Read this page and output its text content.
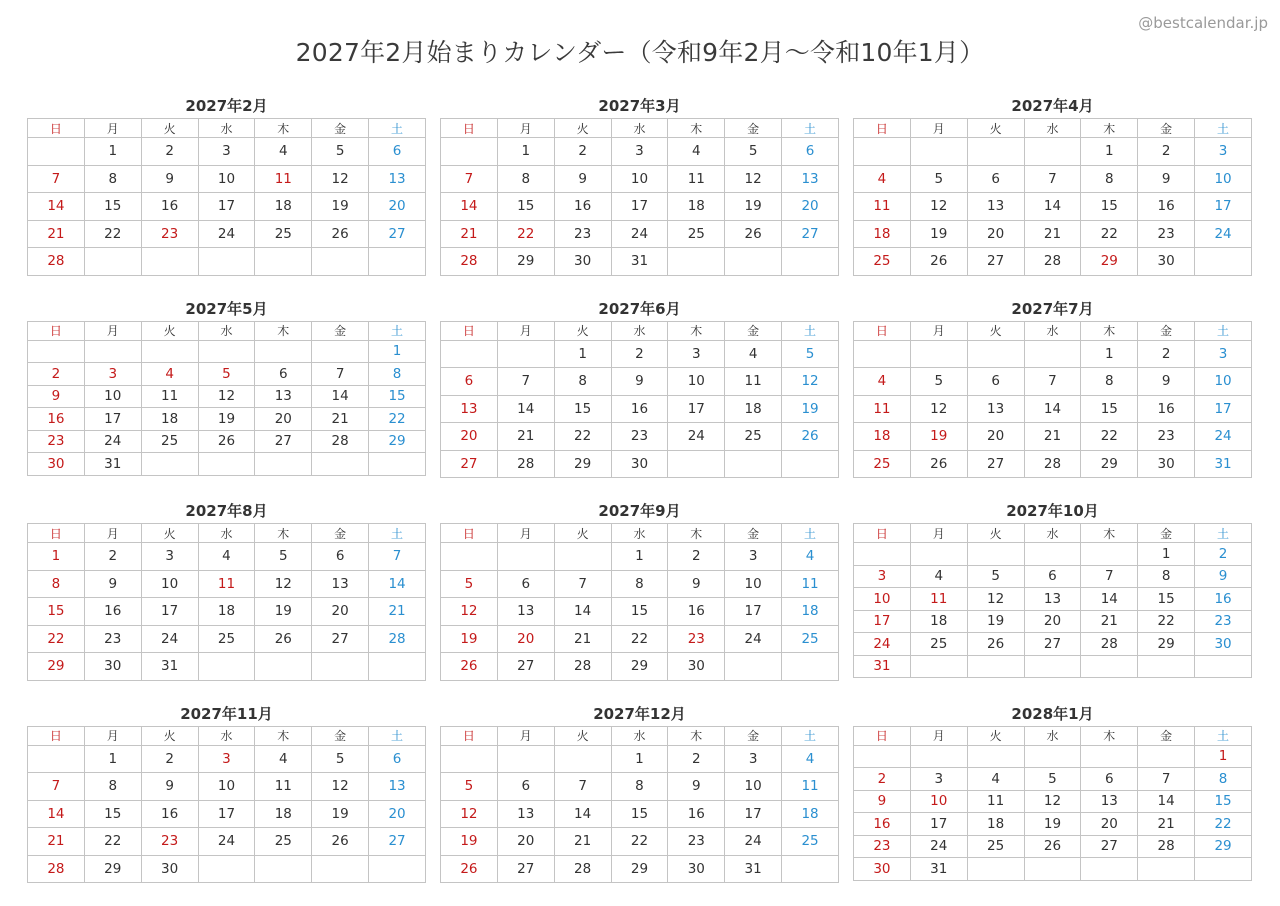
@bestcalendar.jp
2027年2月始まりカレンダー（令和9年2月〜令和10年1月）
2027年2月
日	月	火	水	木	金	土
	1	2	3	4	5	6
7	8	9	10	11	12	13
14	15	16	17	18	19	20
21	22	23	24	25	26	27
28						
2027年3月
日	月	火	水	木	金	土
	1	2	3	4	5	6
7	8	9	10	11	12	13
14	15	16	17	18	19	20
21	22	23	24	25	26	27
28	29	30	31			
2027年4月
日	月	火	水	木	金	土
				1	2	3
4	5	6	7	8	9	10
11	12	13	14	15	16	17
18	19	20	21	22	23	24
25	26	27	28	29	30	
2027年5月
日	月	火	水	木	金	土
						1
2	3	4	5	6	7	8
9	10	11	12	13	14	15
16	17	18	19	20	21	22
23	24	25	26	27	28	29
30	31					
2027年6月
日	月	火	水	木	金	土
		1	2	3	4	5
6	7	8	9	10	11	12
13	14	15	16	17	18	19
20	21	22	23	24	25	26
27	28	29	30			
2027年7月
日	月	火	水	木	金	土
				1	2	3
4	5	6	7	8	9	10
11	12	13	14	15	16	17
18	19	20	21	22	23	24
25	26	27	28	29	30	31
2027年8月
日	月	火	水	木	金	土
1	2	3	4	5	6	7
8	9	10	11	12	13	14
15	16	17	18	19	20	21
22	23	24	25	26	27	28
29	30	31				
2027年9月
日	月	火	水	木	金	土
			1	2	3	4
5	6	7	8	9	10	11
12	13	14	15	16	17	18
19	20	21	22	23	24	25
26	27	28	29	30		
2027年10月
日	月	火	水	木	金	土
					1	2
3	4	5	6	7	8	9
10	11	12	13	14	15	16
17	18	19	20	21	22	23
24	25	26	27	28	29	30
31						
2027年11月
日	月	火	水	木	金	土
	1	2	3	4	5	6
7	8	9	10	11	12	13
14	15	16	17	18	19	20
21	22	23	24	25	26	27
28	29	30				
2027年12月
日	月	火	水	木	金	土
			1	2	3	4
5	6	7	8	9	10	11
12	13	14	15	16	17	18
19	20	21	22	23	24	25
26	27	28	29	30	31	
2028年1月
日	月	火	水	木	金	土
						1
2	3	4	5	6	7	8
9	10	11	12	13	14	15
16	17	18	19	20	21	22
23	24	25	26	27	28	29
30	31					
